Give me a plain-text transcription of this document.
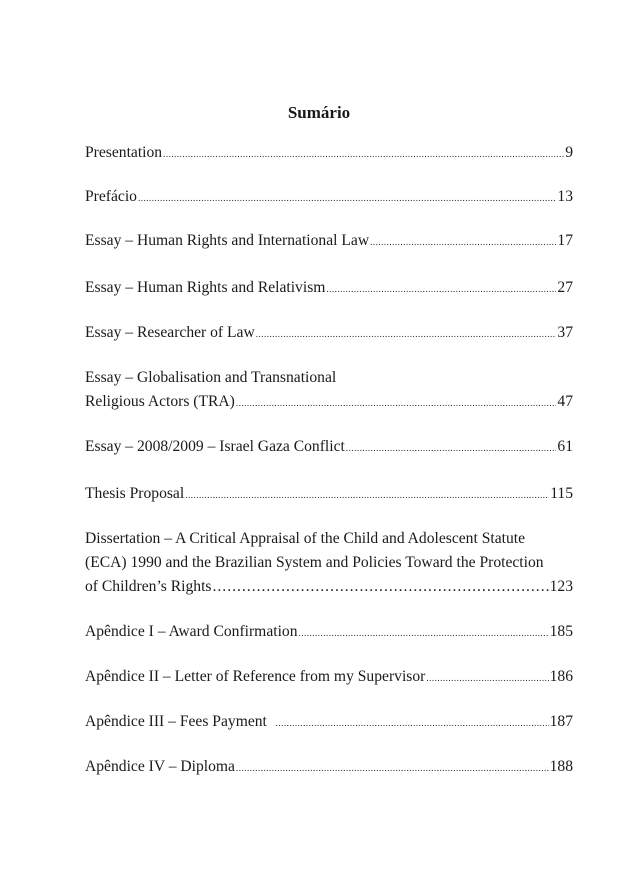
Sumário
Presentation .....	9
Prefácio .....	13
Essay – Human Rights and International Law .....	17
Essay – Human Rights and Relativism .....	27
Essay – Researcher of Law .....	37
Essay – Globalisation and Transnational
Religious Actors (TRA) .....	47
Essay – 2008/2009 – Israel Gaza Conflict .....	61
Thesis Proposal .....	115
Dissertation – A Critical Appraisal of the Child and Adolescent Statute
(ECA) 1990 and the Brazilian System and Policies Toward the Protection
of Children’s Rights .....	123
Apêndice I – Award Confirmation .....	185
Apêndice II – Letter of Reference from my Supervisor .....	186
Apêndice III – Fees Payment .....	187
Apêndice IV – Diploma .....	188
